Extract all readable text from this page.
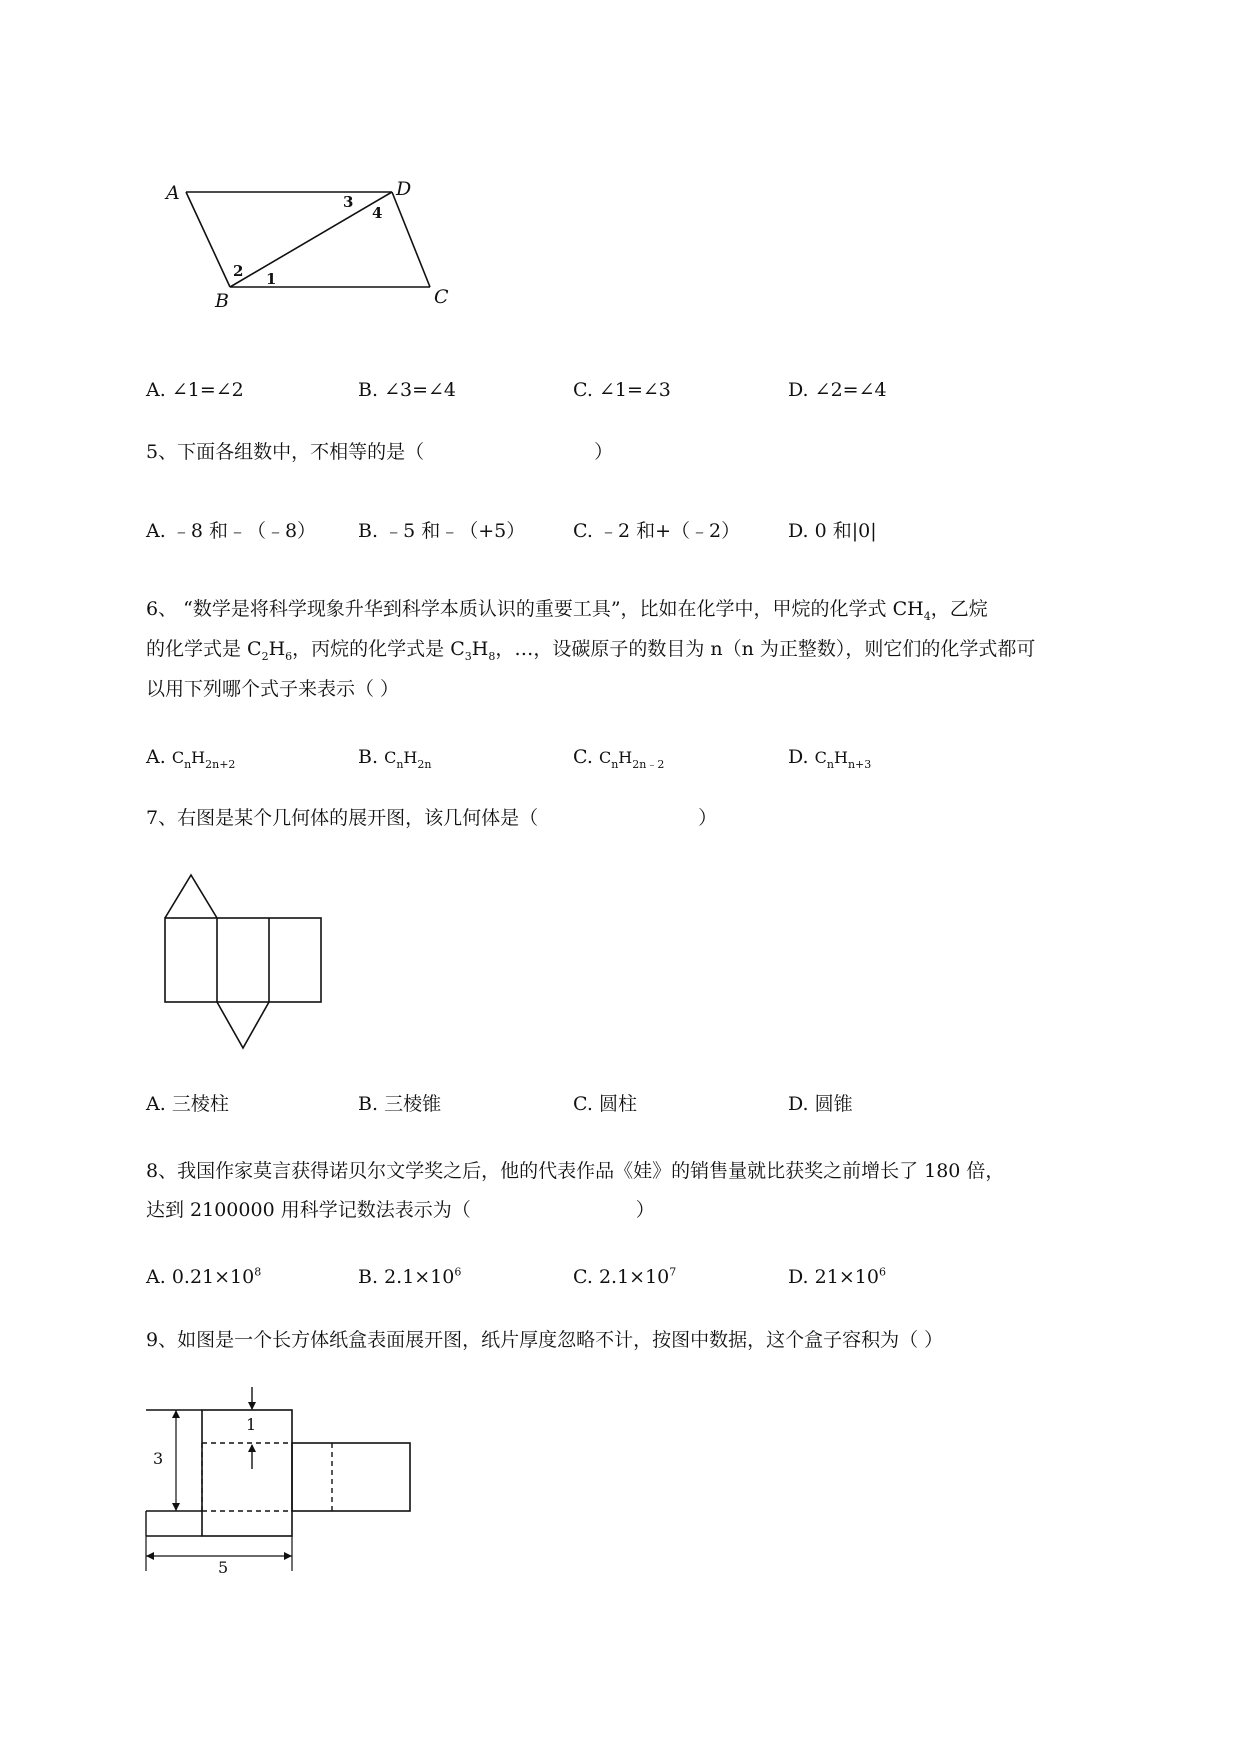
A	D
B	C
3
4
2 1
A. ∠1=∠2	B. ∠3=∠4	C. ∠1=∠3	D. ∠2=∠4
5、下面各组数中，不相等的是（	）
A. ﹣8 和﹣（﹣8） B. ﹣5 和﹣（+5）	C. ﹣2 和+（﹣2）	D. 0 和|0|
6、 “数学是将科学现象升华到科学本质认识的重要工具”，比如在化学中，甲烷的化学式 $CH_4$，乙烷
的化学式是 $C_2H_6$，丙烷的化学式是 $C_3H_8$，…，设碳原子的数目为 n（n 为正整数），则它们的化学式都可
以用下列哪个式子来表示（ ）
A. $C_nH_{2n+2}$	B. $C_nH_{2n}$	C. $C_nH_{2n﹣2}$	D. $C_nH_{n+3}$
7、右图是某个几何体的展开图，该几何体是（	）
A. 三棱柱	B. 三棱锥	C. 圆柱	D. 圆锥
8、我国作家莫言获得诺贝尔文学奖之后，他的代表作品《娃》的销售量就比获奖之前增长了 180 倍，
达到 2100000 用科学记数法表示为（	）
A. $0.21\times 10^8$	B. $2.1\times 10^6$	C. $2.1\times 10^7$	D. $21\times 10^6$
9、如图是一个长方体纸盒表面展开图，纸片厚度忽略不计，按图中数据，这个盒子容积为（ ）
1
3
5
